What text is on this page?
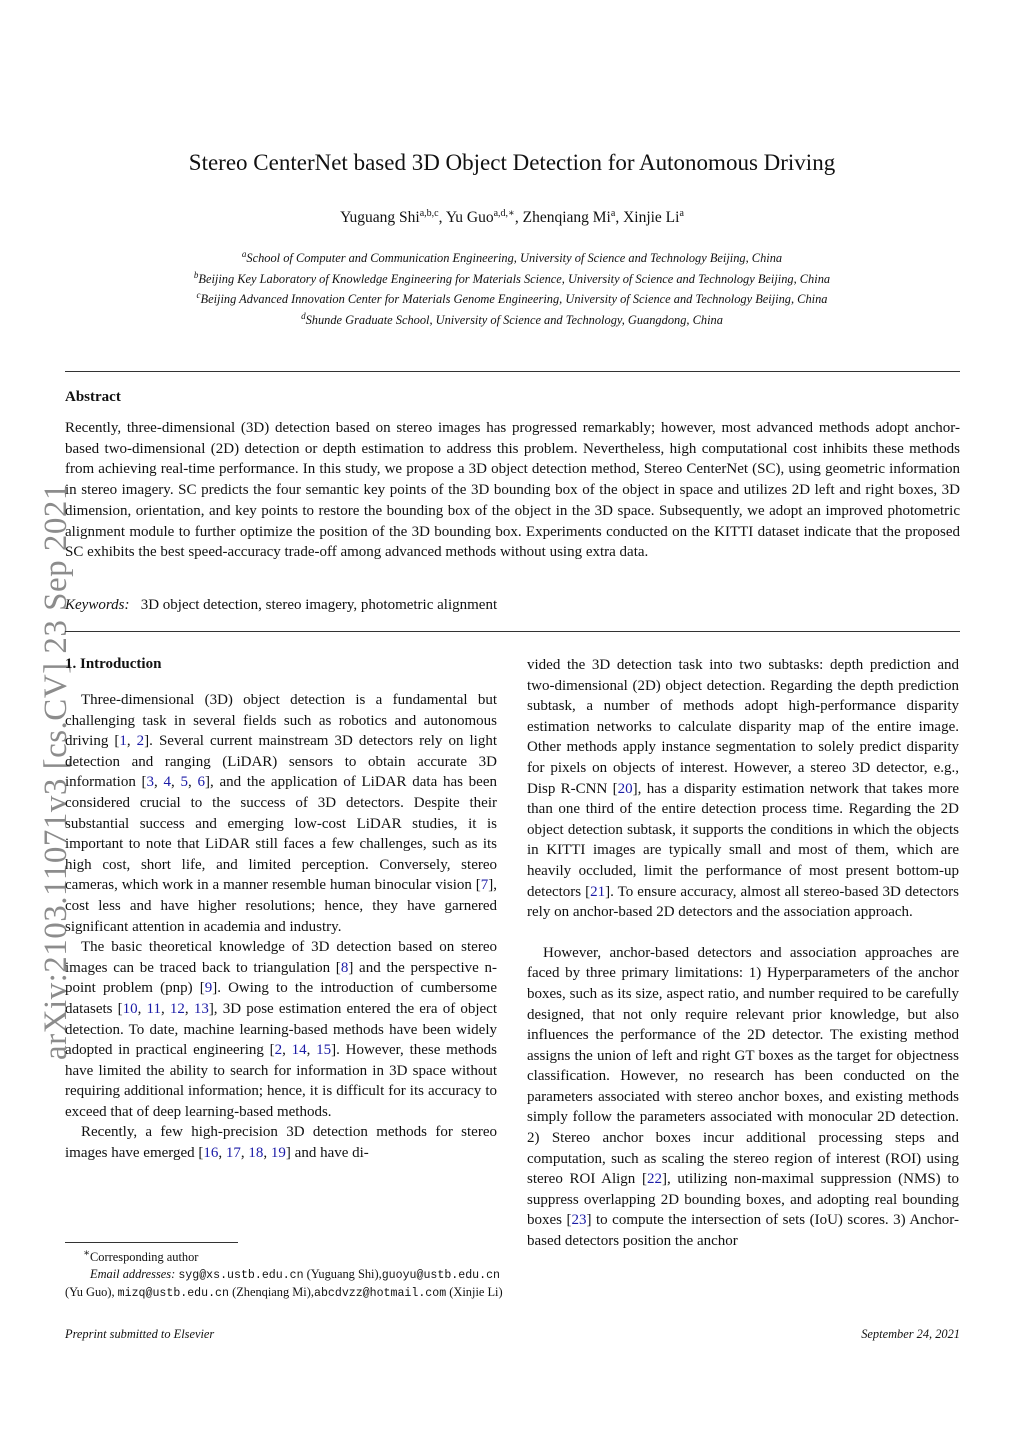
arXiv:2103.11071v3 [cs.CV] 23 Sep 2021
Stereo CenterNet based 3D Object Detection for Autonomous Driving
Yuguang Shi$^{a,b,c}$, Yu Guo$^{a,d,∗}$, Zhenqiang Mi$^a$, Xinjie Li$^a$
$^a$School of Computer and Communication Engineering, University of Science and Technology Beijing, China
$^b$Beijing Key Laboratory of Knowledge Engineering for Materials Science, University of Science and Technology Beijing, China
$^c$Beijing Advanced Innovation Center for Materials Genome Engineering, University of Science and Technology Beijing, China
$^d$Shunde Graduate School, University of Science and Technology, Guangdong, China
Abstract
Recently, three-dimensional (3D) detection based on stereo images has progressed remarkably; however, most advanced methods adopt anchor-based two-dimensional (2D) detection or depth estimation to address this problem. Nevertheless, high computational cost inhibits these methods from achieving real-time performance. In this study, we propose a 3D object detection method, Stereo CenterNet (SC), using geometric information in stereo imagery. SC predicts the four semantic key points of the 3D bounding box of the object in space and utilizes 2D left and right boxes, 3D dimension, orientation, and key points to restore the bounding box of the object in the 3D space. Subsequently, we adopt an improved photometric alignment module to further optimize the position of the 3D bounding box. Experiments conducted on the KITTI dataset indicate that the proposed SC exhibits the best speed-accuracy trade-off among advanced methods without using extra data.
Keywords: 3D object detection, stereo imagery, photometric alignment
1. Introduction

Three-dimensional (3D) object detection is a fundamental but challenging task in several fields such as robotics and autonomous driving [1, 2]. Several current mainstream 3D detectors rely on light detection and ranging (LiDAR) sensors to obtain accurate 3D information [3, 4, 5, 6], and the application of LiDAR data has been considered crucial to the success of 3D detectors. Despite their substantial success and emerging low-cost LiDAR studies, it is important to note that LiDAR still faces a few challenges, such as its high cost, short life, and limited perception. Conversely, stereo cameras, which work in a manner resemble human binocular vision [7], cost less and have higher resolutions; hence, they have garnered significant attention in academia and industry.

The basic theoretical knowledge of 3D detection based on stereo images can be traced back to triangulation [8] and the perspective n-point problem (pnp) [9]. Owing to the introduction of cumbersome datasets [10, 11, 12, 13], 3D pose estimation entered the era of object detection. To date, machine learning-based methods have been widely adopted in practical engineering [2, 14, 15]. However, these methods have limited the ability to search for information in 3D space without requiring additional information; hence, it is difficult for its accuracy to exceed that of deep learning-based methods.

Recently, a few high-precision 3D detection methods for stereo images have emerged [16, 17, 18, 19] and have di-

vided the 3D detection task into two subtasks: depth prediction and two-dimensional (2D) object detection. Regarding the depth prediction subtask, a number of methods adopt high-performance disparity estimation networks to calculate disparity map of the entire image. Other methods apply instance segmentation to solely predict disparity for pixels on objects of interest. However, a stereo 3D detector, e.g., Disp R-CNN [20], has a disparity estimation network that takes more than one third of the entire detection process time. Regarding the 2D object detection subtask, it supports the conditions in which the objects in KITTI images are typically small and most of them, which are heavily occluded, limit the performance of most present bottom-up detectors [21]. To ensure accuracy, almost all stereo-based 3D detectors rely on anchor-based 2D detectors and the association approach.

However, anchor-based detectors and association approaches are faced by three primary limitations: 1) Hyperparameters of the anchor boxes, such as its size, aspect ratio, and number required to be carefully designed, that not only require relevant prior knowledge, but also influences the performance of the 2D detector. The existing method assigns the union of left and right GT boxes as the target for objectness classification. However, no research has been conducted on the parameters associated with stereo anchor boxes, and existing methods simply follow the parameters associated with monocular 2D detection. 2) Stereo anchor boxes incur additional processing steps and computation, such as scaling the stereo region of interest (ROI) using stereo ROI Align [22], utilizing non-maximal suppression (NMS) to suppress overlapping 2D bounding boxes, and adopting real bounding boxes [23] to compute the intersection of sets (IoU) scores. 3) Anchor-based detectors position the anchor

∗Corresponding author
Email addresses: syg@xs.ustb.edu.cn (Yuguang Shi),guoyu@ustb.edu.cn (Yu Guo), mizq@ustb.edu.cn (Zhenqiang Mi),abcdvzz@hotmail.com (Xinjie Li)
Preprint submitted to Elsevier	September 24, 2021
